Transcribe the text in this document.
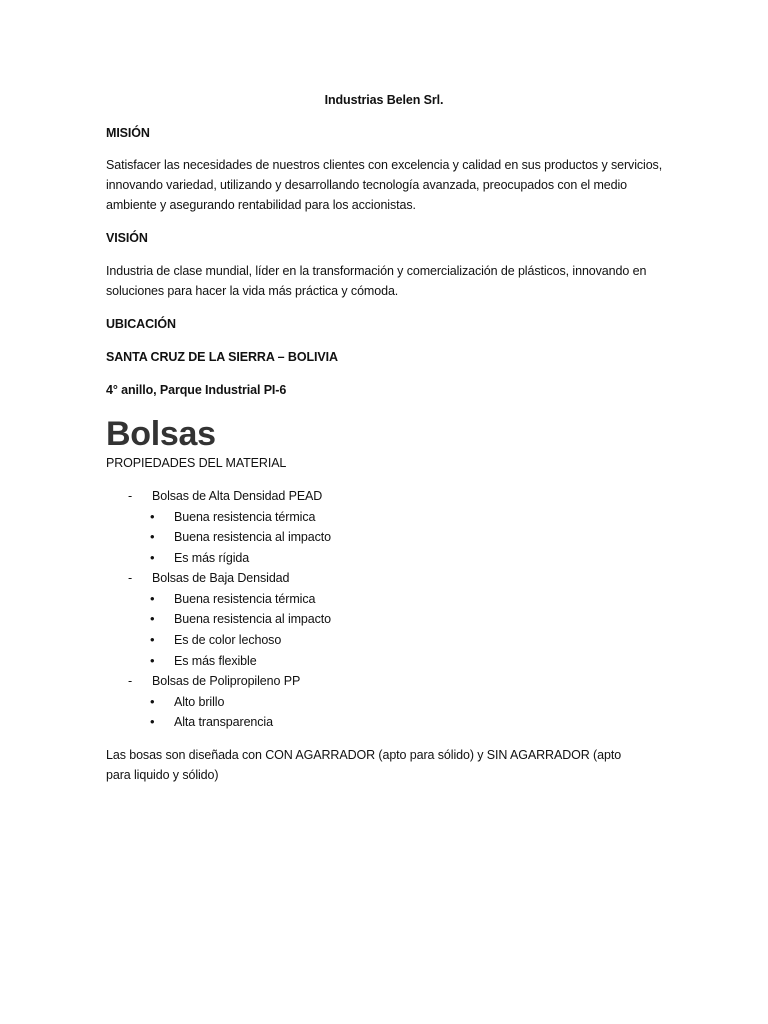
Industrias Belen Srl.

MISIÓN

Satisfacer las necesidades de nuestros clientes con excelencia y calidad en sus productos y servicios, innovando variedad, utilizando y desarrollando tecnología avanzada, preocupados con el medio ambiente y asegurando rentabilidad para los accionistas.

VISIÓN

Industria de clase mundial, líder en la transformación y comercialización de plásticos, innovando en soluciones para hacer la vida más práctica y cómoda.

UBICACIÓN

SANTA CRUZ DE LA SIERRA – BOLIVIA

4° anillo, Parque Industrial PI-6

Bolsas

PROPIEDADES DEL MATERIAL

- Bolsas de Alta Densidad PEAD
• Buena resistencia térmica
• Buena resistencia al impacto
• Es más rígida
- Bolsas de Baja Densidad
• Buena resistencia térmica
• Buena resistencia al impacto
• Es de color lechoso
• Es más flexible
- Bolsas de Polipropileno PP
• Alto brillo
• Alta transparencia

Las bosas son diseñada con CON AGARRADOR (apto para sólido) y SIN AGARRADOR (apto para liquido y sólido)
